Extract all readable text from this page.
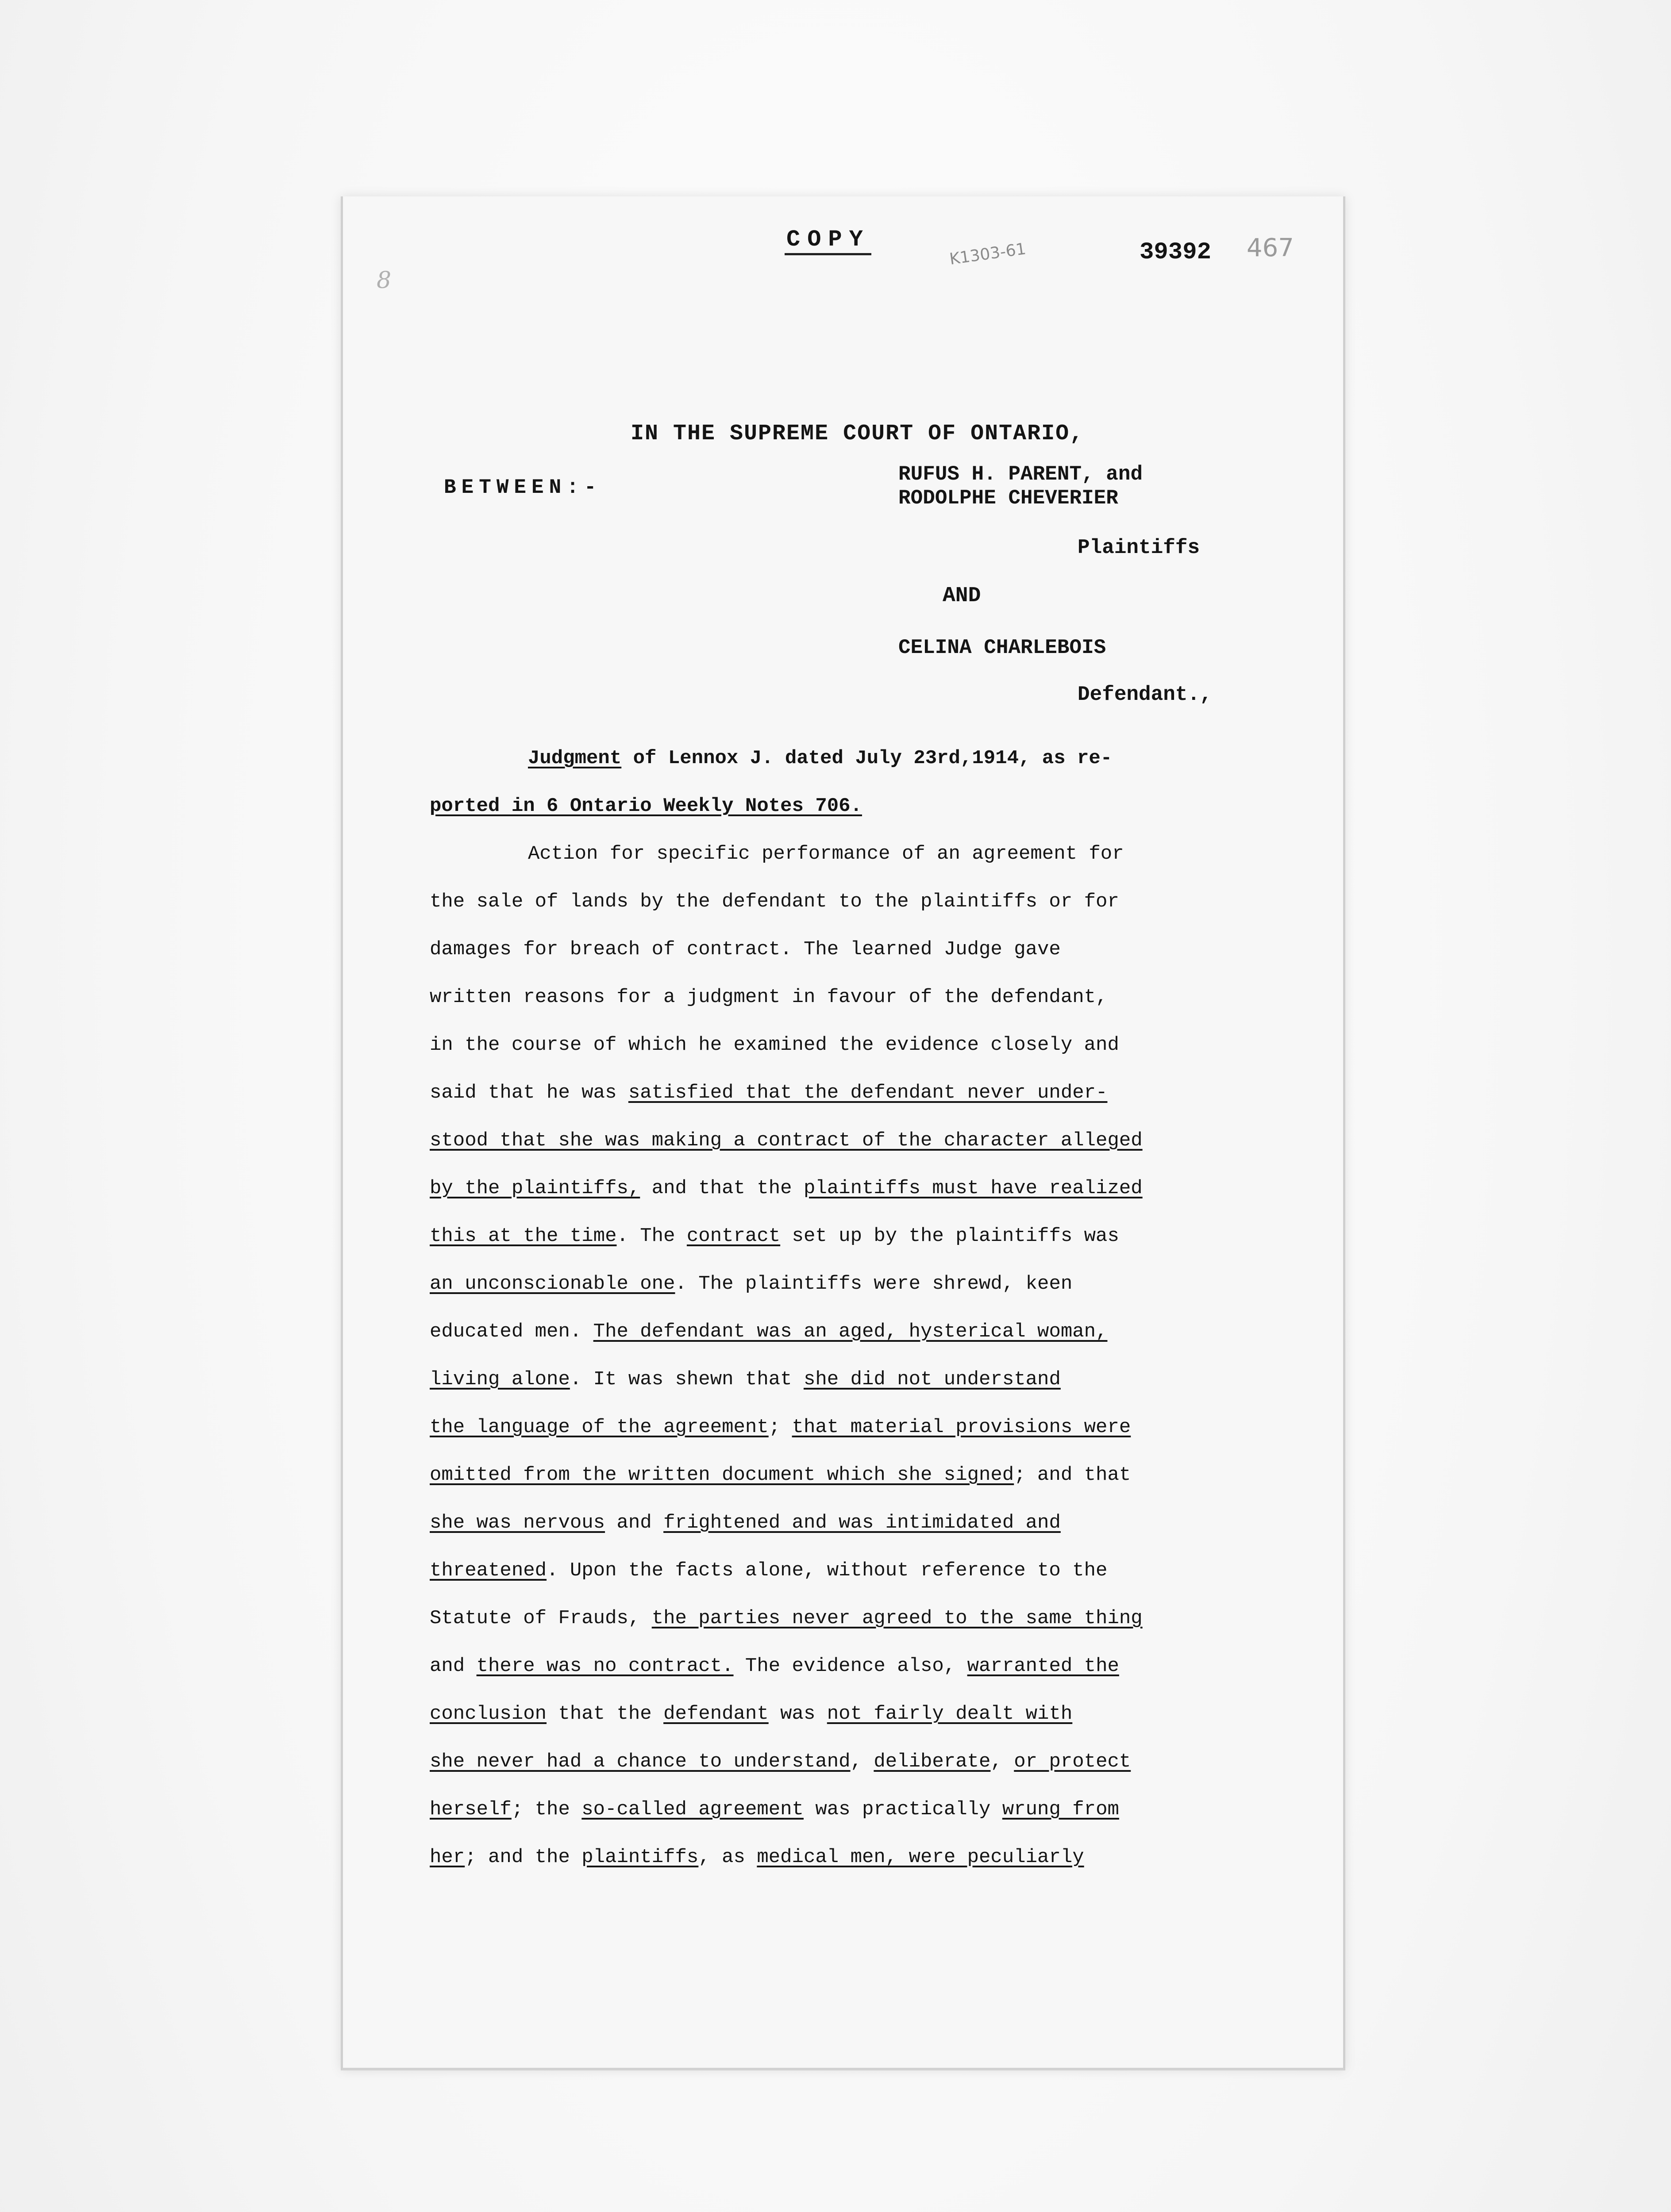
8
COPY
K1303-61	39392 467
IN THE SUPREME COURT OF ONTARIO,
BETWEEN:-
RUFUS H. PARENT, and
RODOLPHE CHEVERIER
Plaintiffs
AND
CELINA CHARLEBOIS
Defendant.,
Judgment of Lennox J. dated July 23rd,1914, as re-
ported in 6 Ontario Weekly Notes 706.
Action for specific performance of an agreement for
the sale of lands by the defendant to the plaintiffs or for
damages for breach of contract. The learned Judge gave
written reasons for a judgment in favour of the defendant,
in the course of which he examined the evidence closely and
said that he was satisfied that the defendant never under-
stood that she was making a contract of the character alleged
by the plaintiffs, and that the plaintiffs must have realized
this at the time. The contract set up by the plaintiffs was
an unconscionable one. The plaintiffs were shrewd, keen
educated men. The defendant was an aged, hysterical woman,
living alone. It was shewn that she did not understand
the language of the agreement; that material provisions were
omitted from the written document which she signed; and that
she was nervous and frightened and was intimidated and
threatened. Upon the facts alone, without reference to the
Statute of Frauds, the parties never agreed to the same thing
and there was no contract. The evidence also, warranted the
conclusion that the defendant was not fairly dealt with
she never had a chance to understand, deliberate, or protect
herself; the so-called agreement was practically wrung from
her; and the plaintiffs, as medical men, were peculiarly
